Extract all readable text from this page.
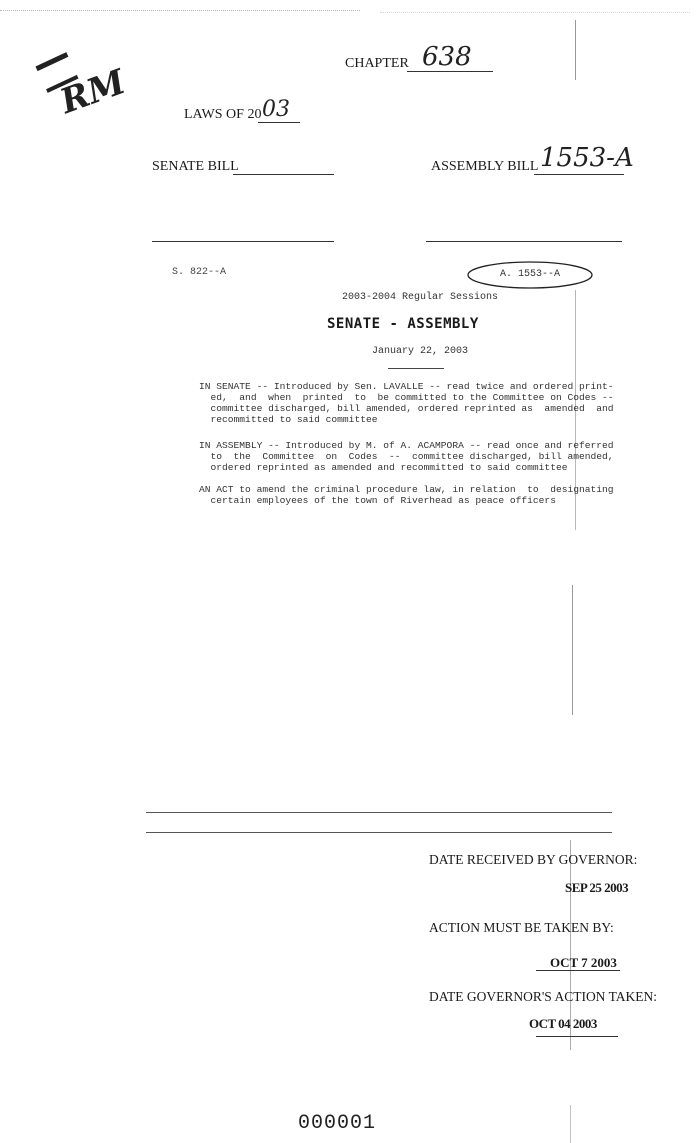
RM	CHAPTER 638
LAWS OF 20 03
SENATE BILL	ASSEMBLY BILL 1553-A
S. 822--A	A. 1553--A
2003-2004 Regular Sessions
SENATE - ASSEMBLY
January 22, 2003
IN SENATE -- Introduced by Sen. LAVALLE -- read twice and ordered print-
ed,  and  when  printed  to  be committed to the Committee on Codes --
committee discharged, bill amended, ordered reprinted as  amended  and
recommitted to said committee
IN ASSEMBLY -- Introduced by M. of A. ACAMPORA -- read once and referred
to  the  Committee  on  Codes  --  committee discharged, bill amended,
ordered reprinted as amended and recommitted to said committee
AN ACT to amend the criminal procedure law, in relation  to  designating
certain employees of the town of Riverhead as peace officers
DATE RECEIVED BY GOVERNOR:
SEP 25 2003
ACTION MUST BE TAKEN BY:
OCT 7 2003
DATE GOVERNOR'S ACTION TAKEN:
OCT 04 2003
000001
